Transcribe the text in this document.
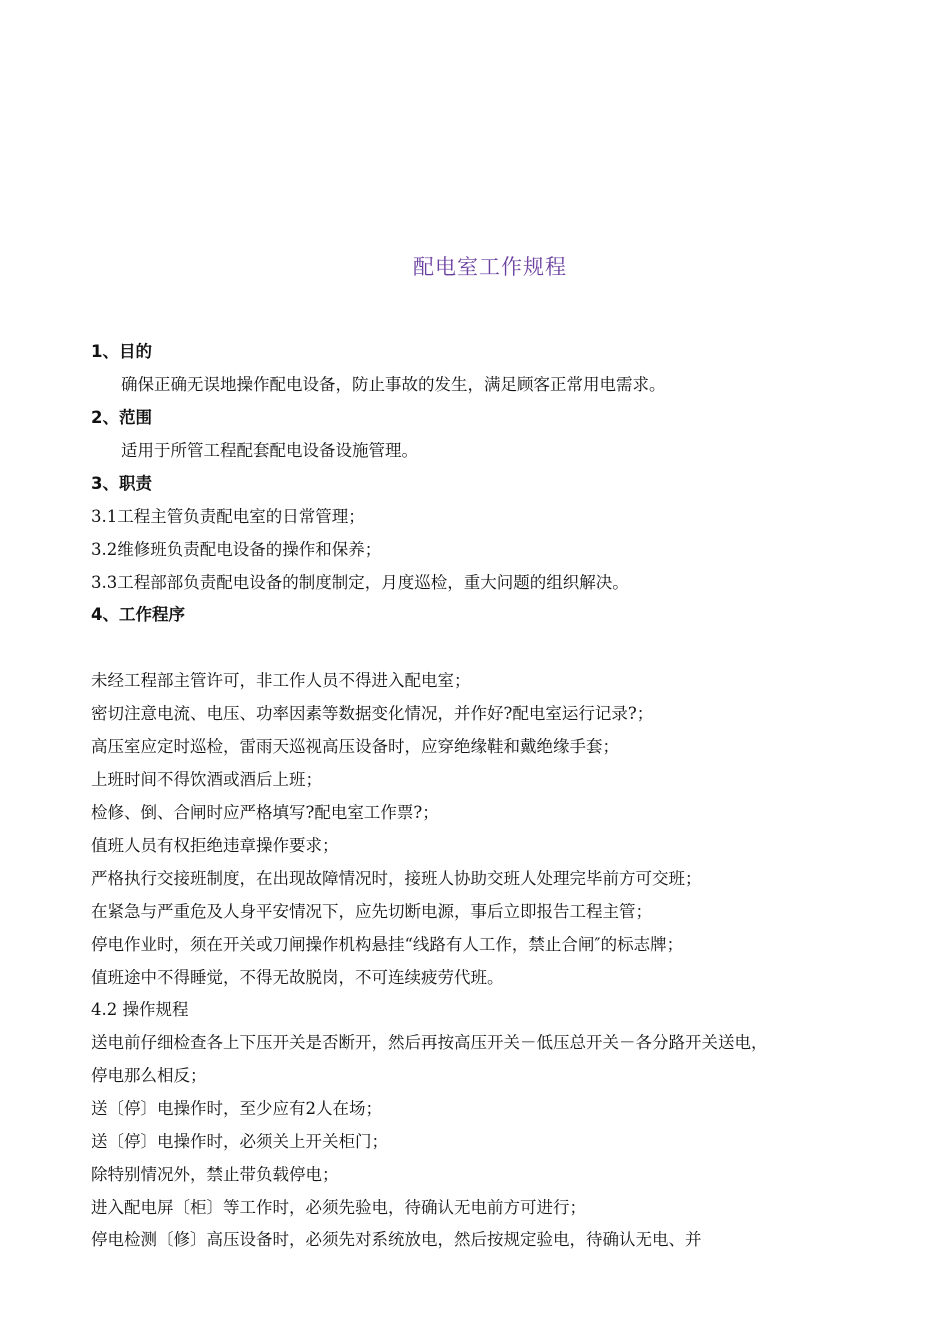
配电室工作规程
1、目的
确保正确无误地操作配电设备，防止事故的发生，满足顾客正常用电需求。
2、范围
适用于所管工程配套配电设备设施管理。
3、职责
3.1工程主管负责配电室的日常管理；
3.2维修班负责配电设备的操作和保养；
3.3工程部部负责配电设备的制度制定，月度巡检，重大问题的组织解决。
4、工作程序
未经工程部主管许可，非工作人员不得进入配电室；
密切注意电流、电压、功率因素等数据变化情况，并作好?配电室运行记录?；
高压室应定时巡检，雷雨天巡视高压设备时，应穿绝缘鞋和戴绝缘手套；
上班时间不得饮酒或酒后上班；
检修、倒、合闸时应严格填写?配电室工作票?；
值班人员有权拒绝违章操作要求；
严格执行交接班制度，在出现故障情况时，接班人协助交班人处理完毕前方可交班；
在紧急与严重危及人身平安情况下，应先切断电源，事后立即报告工程主管；
停电作业时，须在开关或刀闸操作机构悬挂“线路有人工作，禁止合闸″的标志牌；
值班途中不得睡觉，不得无故脱岗，不可连续疲劳代班。
4.2 操作规程
送电前仔细检查各上下压开关是否断开，然后再按高压开关－低压总开关－各分路开关送电，
停电那么相反；
送〔停〕电操作时，至少应有2人在场；
送〔停〕电操作时，必须关上开关柜门；
除特别情况外，禁止带负载停电；
进入配电屏〔柜〕等工作时，必须先验电，待确认无电前方可进行；
停电检测〔修〕高压设备时，必须先对系统放电，然后按规定验电，待确认无电、并
